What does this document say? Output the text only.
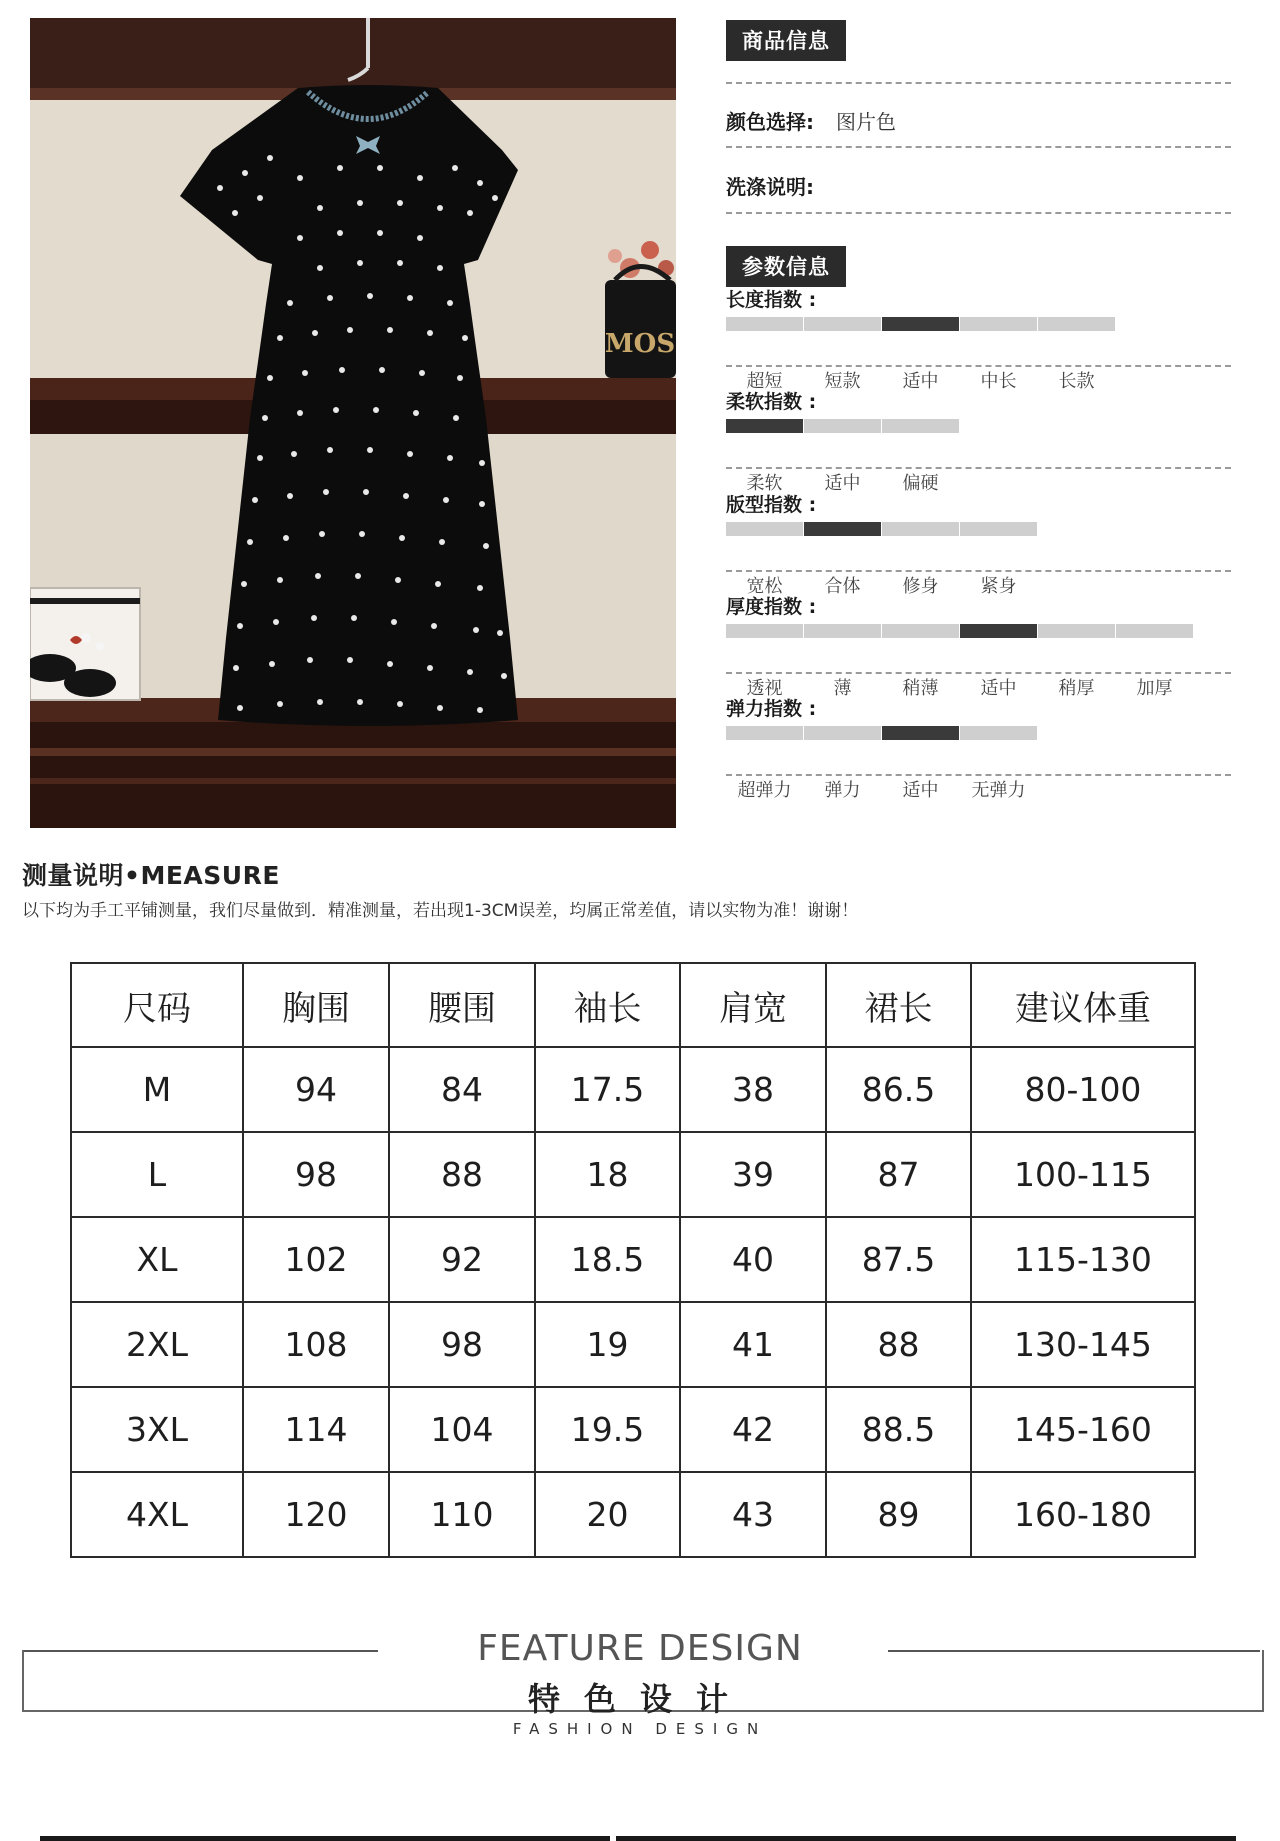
MOS
商品信息
颜色选择: 图片色
洗涤说明:
参数信息
长度指数 :
超短	短款	适中	中长	长款
柔软指数 :
柔软	适中	偏硬
版型指数 :
宽松	合体	修身	紧身
厚度指数 :
透视	薄	稍薄	适中	稍厚	加厚
弹力指数 :
超弹力	弹力	适中	无弹力
测量说明•MEASURE
以下均为手工平铺测量，我们尽量做到．精准测量，若出现1-3CM误差，均属正常差值，请以实物为准！谢谢！
尺码	胸围	腰围	袖长	肩宽	裙长	建议体重
M	94	84	17.5	38	86.5	80-100
L	98	88	18	39	87	100-115
XL	102	92	18.5	40	87.5	115-130
2XL	108	98	19	41	88	130-145
3XL	114	104	19.5	42	88.5	145-160
4XL	120	110	20	43	89	160-180
FEATURE DESIGN
特色设计
FASHION DESIGN
